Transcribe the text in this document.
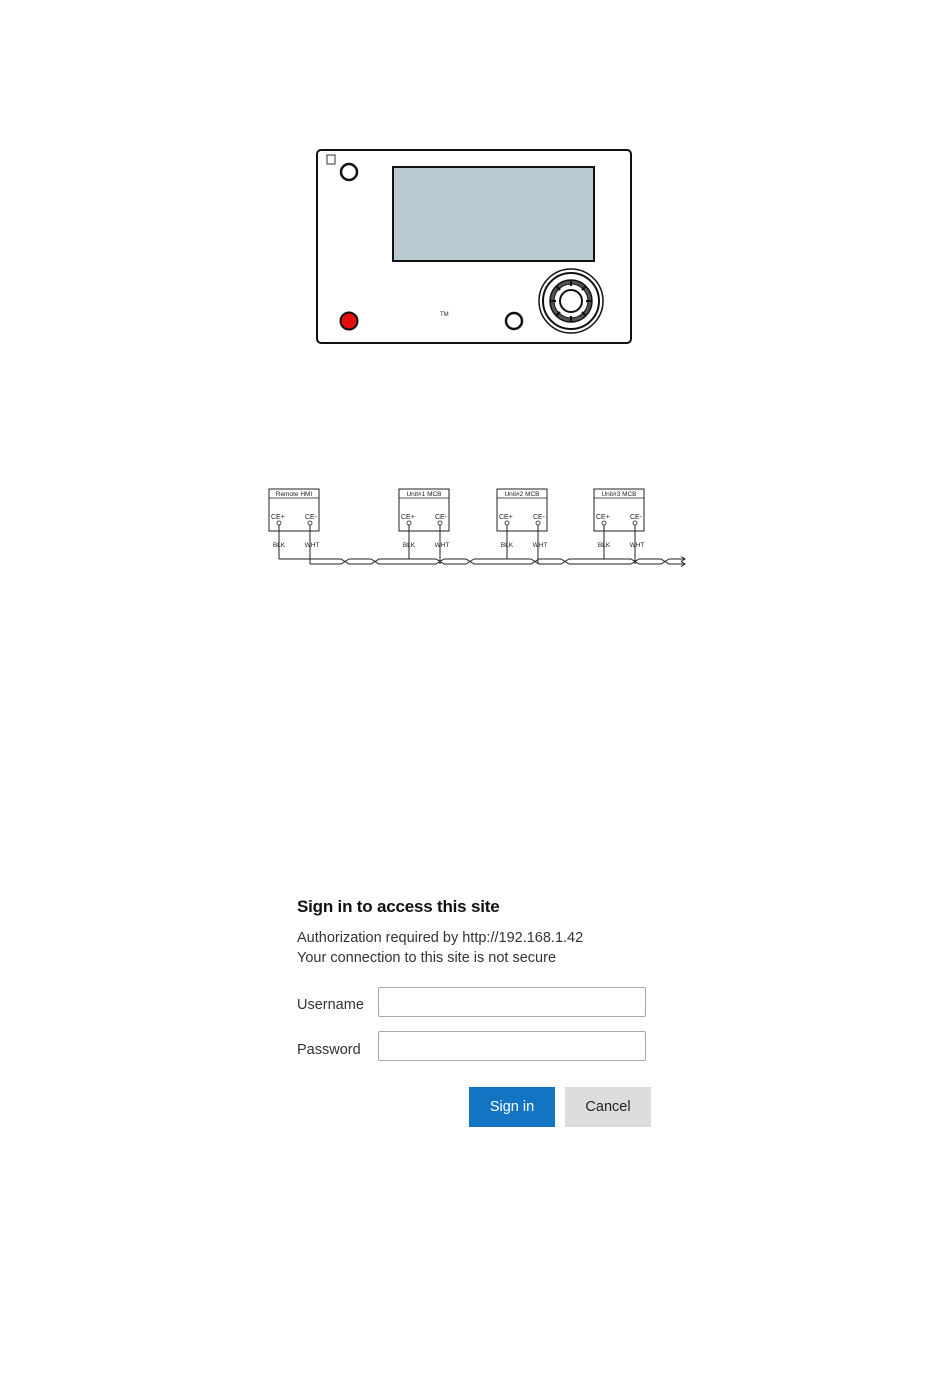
TM
Remote HMI
CE+	CE-
BLK	WHT
Unit#1 MCB
CE+	CE-
BLK	WHT
Unit#2 MCB
CE+	CE-
BLK	WHT
Unit#3 MCB
CE+	CE-
BLK	WHT
Sign in to access this site

Authorization required by http://192.168.1.42

Your connection to this site is not secure

Username
Password
Sign in	Cancel
